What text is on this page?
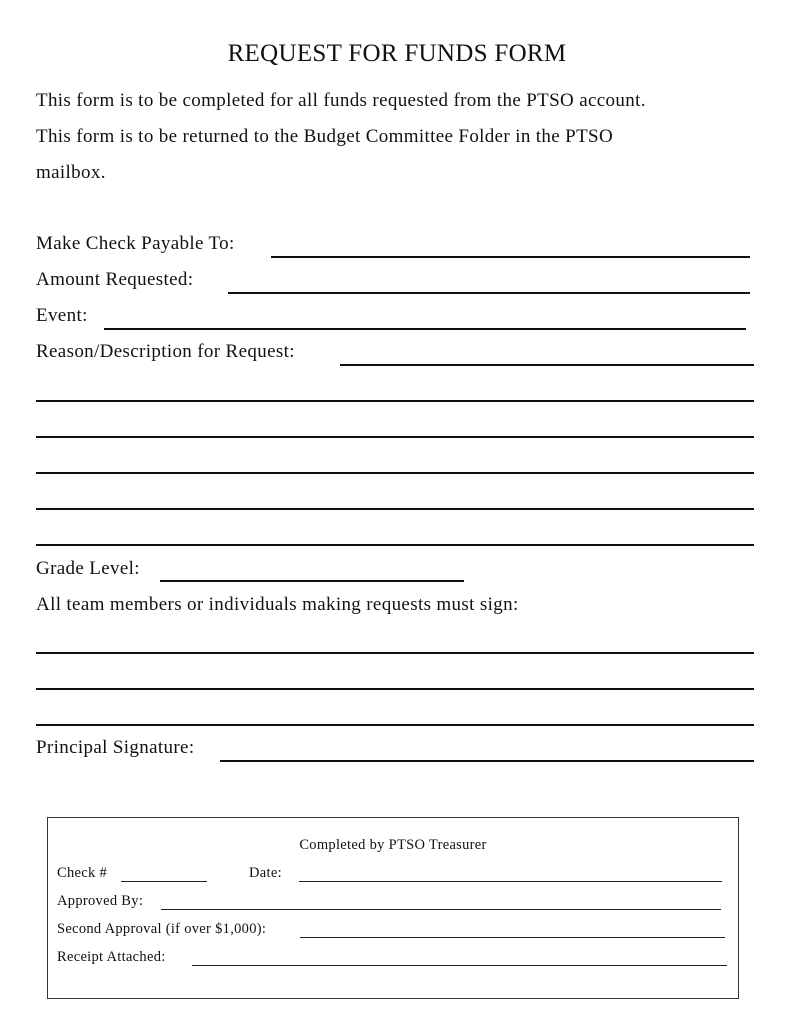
REQUEST FOR FUNDS FORM
This form is to be completed for all funds requested from the PTSO account.
This form is to be returned to the Budget Committee Folder in the PTSO
mailbox.
Make Check Payable To:
Amount Requested:
Event:
Reason/Description for Request:
Grade Level:
All team members or individuals making requests must sign:
Principal Signature:
Completed by PTSO Treasurer
Check #	Date:
Approved By:
Second Approval (if over $1,000):
Receipt Attached:
